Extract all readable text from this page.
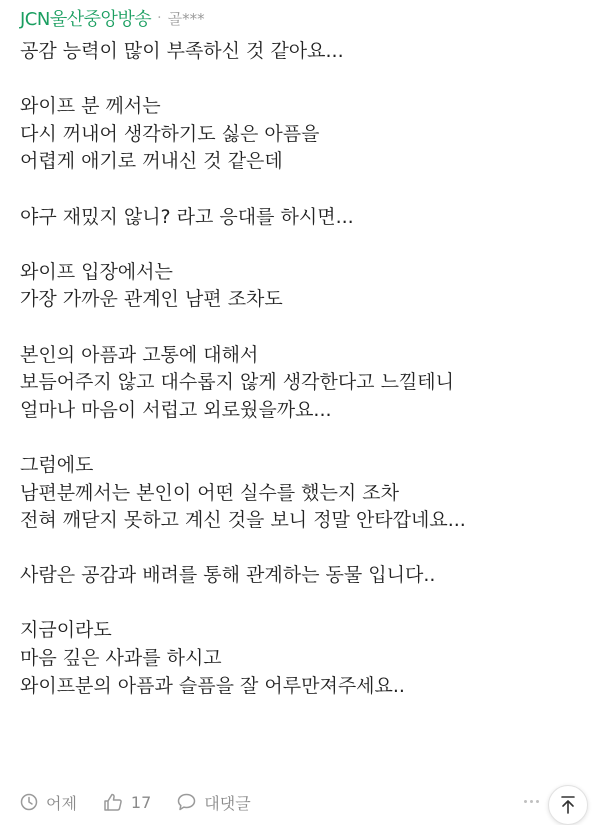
JCN울산중앙방송 · 골***
공감 능력이 많이 부족하신 것 같아요...
와이프 분 께서는
다시 꺼내어 생각하기도 싫은 아픔을
어렵게 애기로 꺼내신 것 같은데
야구 재밌지 않니? 라고 응대를 하시면...
와이프 입장에서는
가장 가까운 관계인 남편 조차도
본인의 아픔과 고통에 대해서
보듬어주지 않고 대수롭지 않게 생각한다고 느낄테니
얼마나 마음이 서럽고 외로웠을까요...
그럼에도
남편분께서는 본인이 어떤 실수를 했는지 조차
전혀 깨닫지 못하고 계신 것을 보니 정말 안타깝네요...
사람은 공감과 배려를 통해 관계하는 동물 입니다..
지금이라도
마음 깊은 사과를 하시고
와이프분의 아픔과 슬픔을 잘 어루만져주세요..
어제	17	대댓글
